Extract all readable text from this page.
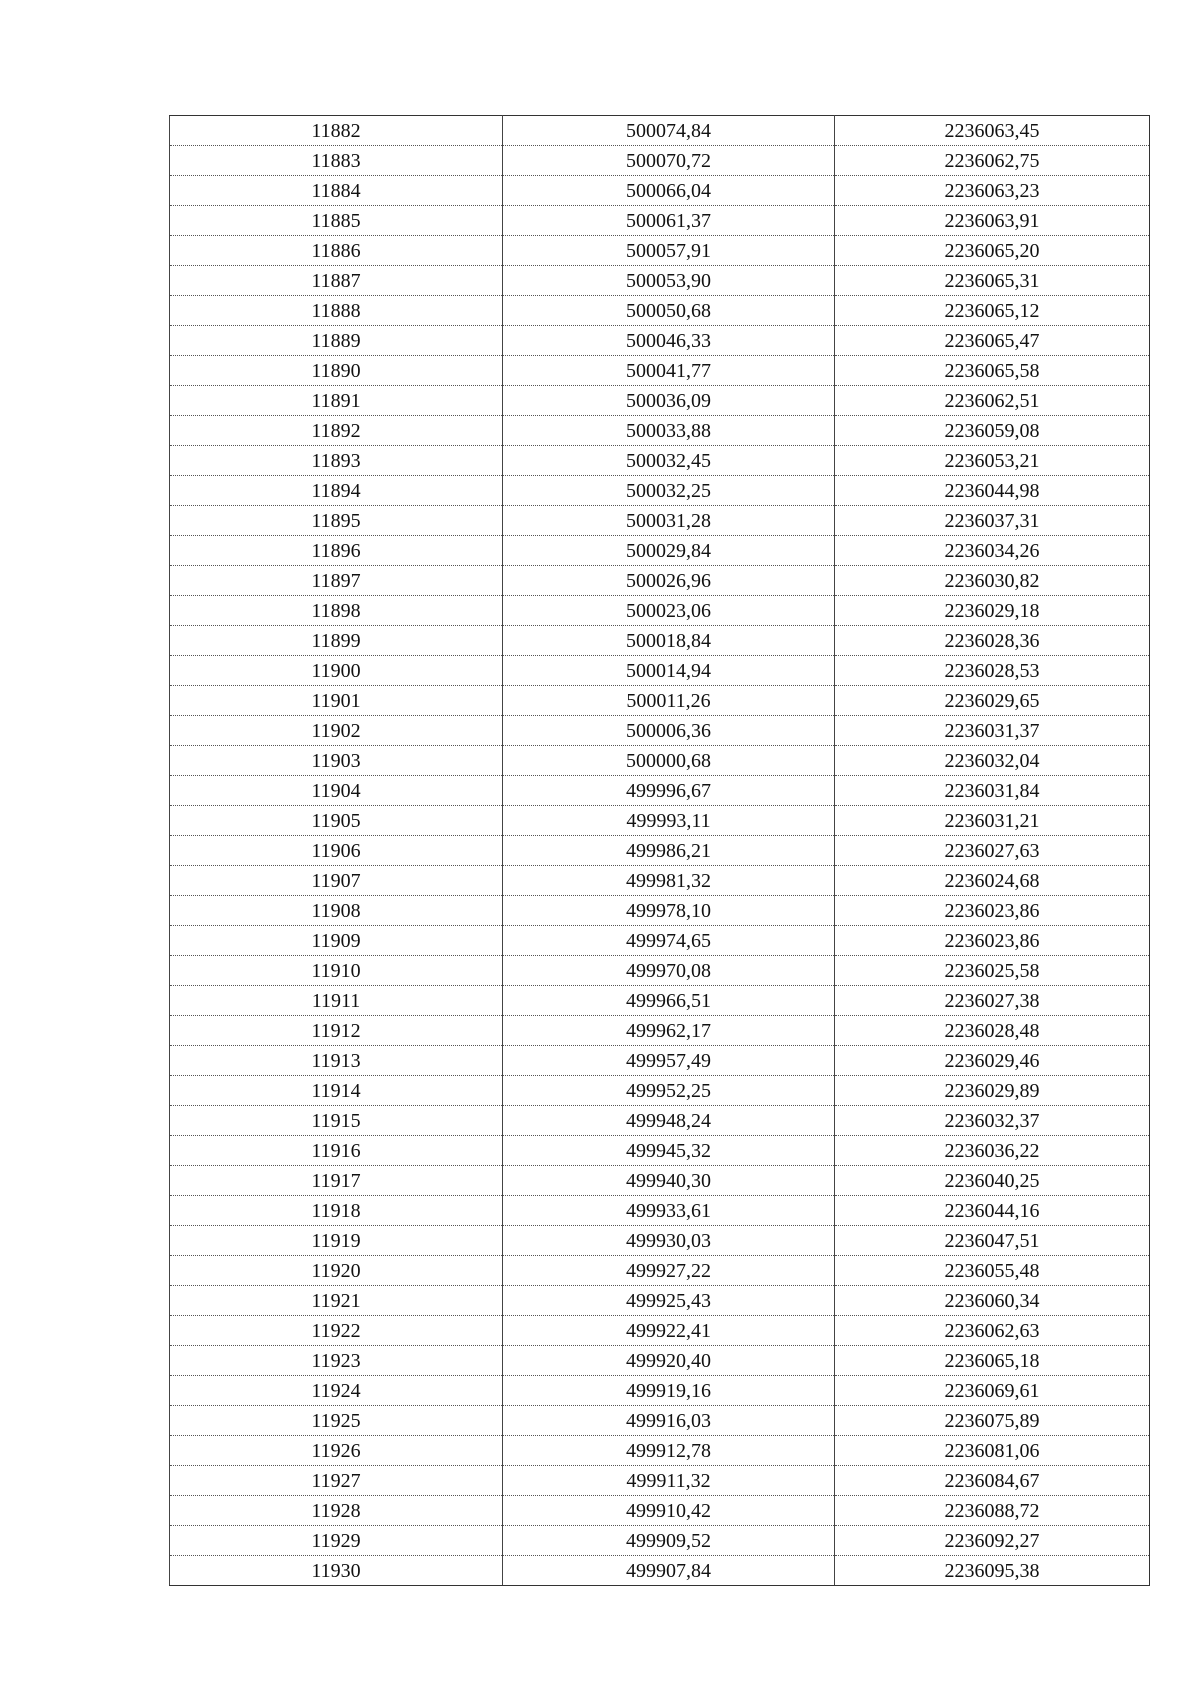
11882	500074,84	2236063,45
11883	500070,72	2236062,75
11884	500066,04	2236063,23
11885	500061,37	2236063,91
11886	500057,91	2236065,20
11887	500053,90	2236065,31
11888	500050,68	2236065,12
11889	500046,33	2236065,47
11890	500041,77	2236065,58
11891	500036,09	2236062,51
11892	500033,88	2236059,08
11893	500032,45	2236053,21
11894	500032,25	2236044,98
11895	500031,28	2236037,31
11896	500029,84	2236034,26
11897	500026,96	2236030,82
11898	500023,06	2236029,18
11899	500018,84	2236028,36
11900	500014,94	2236028,53
11901	500011,26	2236029,65
11902	500006,36	2236031,37
11903	500000,68	2236032,04
11904	499996,67	2236031,84
11905	499993,11	2236031,21
11906	499986,21	2236027,63
11907	499981,32	2236024,68
11908	499978,10	2236023,86
11909	499974,65	2236023,86
11910	499970,08	2236025,58
11911	499966,51	2236027,38
11912	499962,17	2236028,48
11913	499957,49	2236029,46
11914	499952,25	2236029,89
11915	499948,24	2236032,37
11916	499945,32	2236036,22
11917	499940,30	2236040,25
11918	499933,61	2236044,16
11919	499930,03	2236047,51
11920	499927,22	2236055,48
11921	499925,43	2236060,34
11922	499922,41	2236062,63
11923	499920,40	2236065,18
11924	499919,16	2236069,61
11925	499916,03	2236075,89
11926	499912,78	2236081,06
11927	499911,32	2236084,67
11928	499910,42	2236088,72
11929	499909,52	2236092,27
11930	499907,84	2236095,38
